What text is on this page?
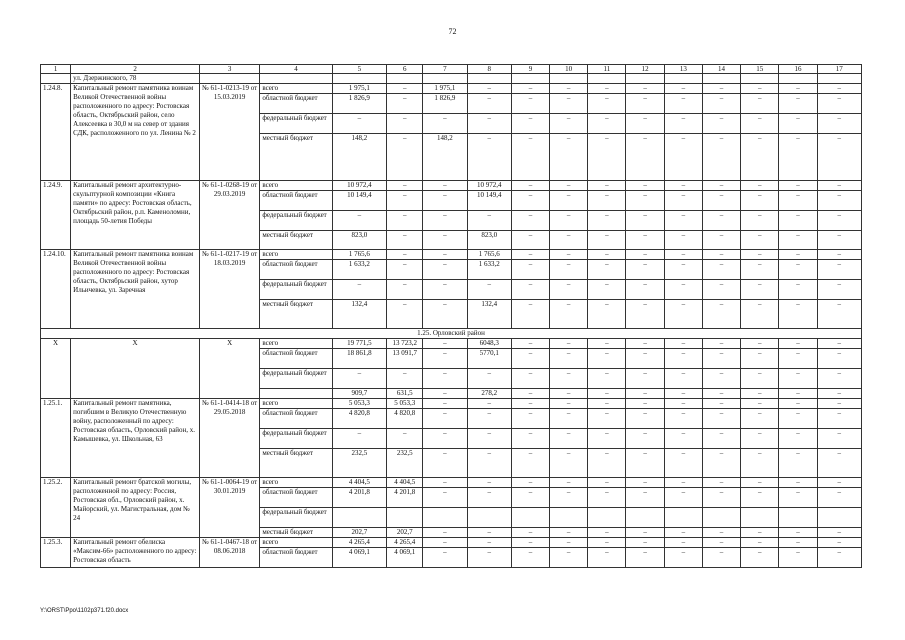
72
1	2	3	4	5	6	7	8	9	10	11	12	13	14	15	16	17
	ул. Дзержинского, 78															
1.24.8.	Капитальный ремонт памятника воинам Великой Отечественной войны расположенного по адресу: Ростовская область, Октябрьский район, село Алексеевка в 30,0 м на север от здания СДК, расположенного по ул. Ленина № 2	№ 61-1-0213-19 от 15.03.2019	всего	1 975,1	–	1 975,1	–	–	–	–	–	–	–	–	–	–
			областной бюджет	1 826,9	–	1 826,9	–	–	–	–	–	–	–	–	–	–
			федеральный бюджет	–	–	–	–	–	–	–	–	–	–	–	–	–
			местный бюджет	148,2	–	148,2	–	–	–	–	–	–	–	–	–	–
1.24.9.	Капитальный ремонт архитектурно-скульптурной композиции «Книга памяти» по адресу: Ростовская область, Октябрьский район, р.п. Каменоломни, площадь 50-летия Победы	№ 61-1-0268-19 от 29.03.2019	всего	10 972,4	–	–	10 972,4	–	–	–	–	–	–	–	–	–
			областной бюджет	10 149,4	–	–	10 149,4	–	–	–	–	–	–	–	–	–
			федеральный бюджет	–	–	–	–	–	–	–	–	–	–	–	–	–
			местный бюджет	823,0	–	–	823,0	–	–	–	–	–	–	–	–	–
1.24.10.	Капитальный ремонт памятника воинам Великой Отечественной войны расположенного по адресу: Ростовская область, Октябрьский район, хутор Ильичевка, ул. Заречная	№ 61-1-0217-19 от 18.03.2019	всего	1 765,6	–	–	1 765,6	–	–	–	–	–	–	–	–	–
			областной бюджет	1 633,2	–	–	1 633,2	–	–	–	–	–	–	–	–	–
			федеральный бюджет	–	–	–	–	–	–	–	–	–	–	–	–	–
			местный бюджет	132,4	–	–	132,4	–	–	–	–	–	–	–	–	–
1.25. Орловский район																
X	X	X	всего	19 771,5	13 723,2	–	6048,3	–	–	–	–	–	–	–	–	–
			областной бюджет	18 861,8	13 091,7	–	5770,1	–	–	–	–	–	–	–	–	–
			федеральный бюджет	–	–	–	–	–	–	–	–	–	–	–	–	–
				909,7	631,5	–	278,2	–	–	–	–	–	–	–	–	–
1.25.1.	Капитальный ремонт памятника, погибшим в Великую Отечественную войну, расположенный по адресу: Ростовская область, Орловский район, х. Камышевка, ул. Школьная, 63	№ 61-1-0414-18 от 29.05.2018	всего	5 053,3	5 053,3	–	–	–	–	–	–	–	–	–	–	–
			областной бюджет	4 820,8	4 820,8	–	–	–	–	–	–	–	–	–	–	–
			федеральный бюджет	–	–	–	–	–	–	–	–	–	–	–	–	–
			местный бюджет	232,5	232,5	–	–	–	–	–	–	–	–	–	–	–
1.25.2.	Капитальный ремонт братской могилы, расположенной по адресу: Россия, Ростовская обл., Орловский район, х. Майорский, ул. Магистральная, дом № 24	№ 61-1-0064-19 от 30.01.2019	всего	4 404,5	4 404,5	–	–	–	–	–	–	–	–	–	–	–
			областной бюджет	4 201,8	4 201,8	–	–	–	–	–	–	–	–	–	–	–
			федеральный бюджет													
			местный бюджет	202,7	202,7	–	–	–	–	–	–	–	–	–	–	–
1.25.3.	Капитальный ремонт обелиска «Максим-66» расположенного по адресу: Ростовская область	№ 61-1-0467-18 от 08.06.2018	всего	4 265,4	4 265,4	–	–	–	–	–	–	–	–	–	–	–
			областной бюджет	4 069,1	4 069,1	–	–	–	–	–	–	–	–	–	–	–
Y:\ORST\Ppo\1102p371.f20.docx
